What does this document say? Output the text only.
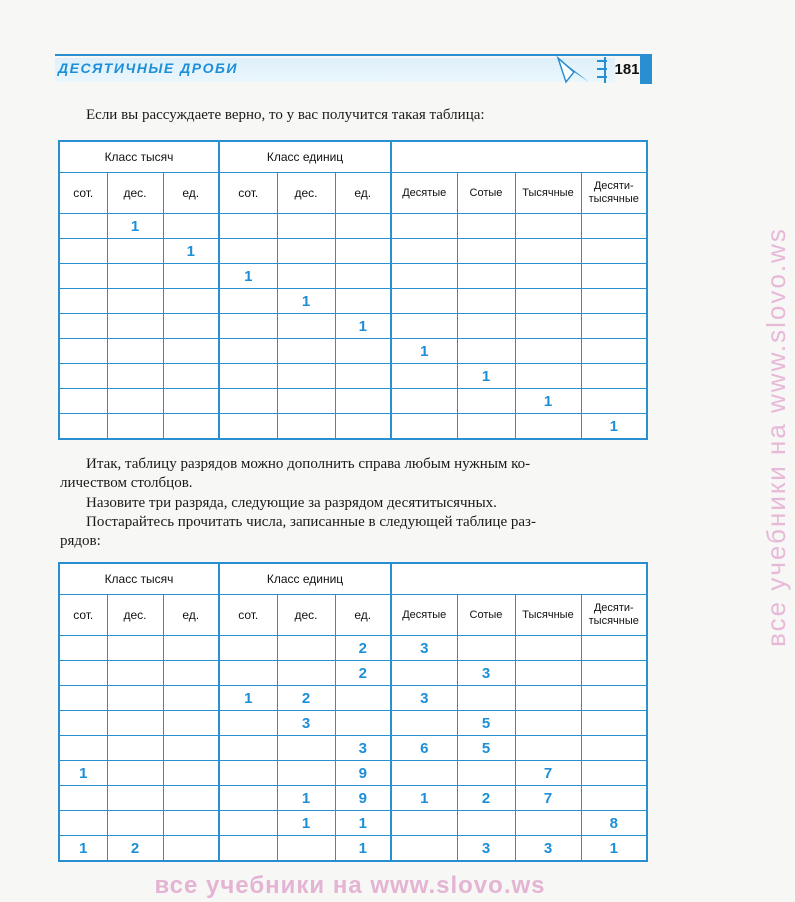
ДЕСЯТИЧНЫЕ ДРОБИ	181

Если вы рассуждаете верно, то у вас получится такая таблица:

Класс тысяч			Класс единиц						
сот.	дес.	ед.	сот.	дес.	ед.	Десятые	Сотые	Тысячные	Десяти-
тысячные

	1								
		1							
			1						
				1					
					1				
						1			
							1		
								1	
									1

Итак, таблицу разрядов можно дополнить справа любым нужным ко-

личеством столбцов.

Назовите три разряда, следующие за разрядом десятитысячных.

Постарайтесь прочитать числа, записанные в следующей таблице раз-

рядов:

Класс тысяч			Класс единиц						
сот.	дес.	ед.	сот.	дес.	ед.	Десятые	Сотые	Тысячные	Десяти-
тысячные

					2	3			
					2		3		
			1	2		3			
				3			5		
					3	6	5		
1					9			7	
				1	9	1	2	7	
				1	1				8
1	2				1		3	3	1
все учебники на www.slovo.ws
все учебники на www.slovo.ws
